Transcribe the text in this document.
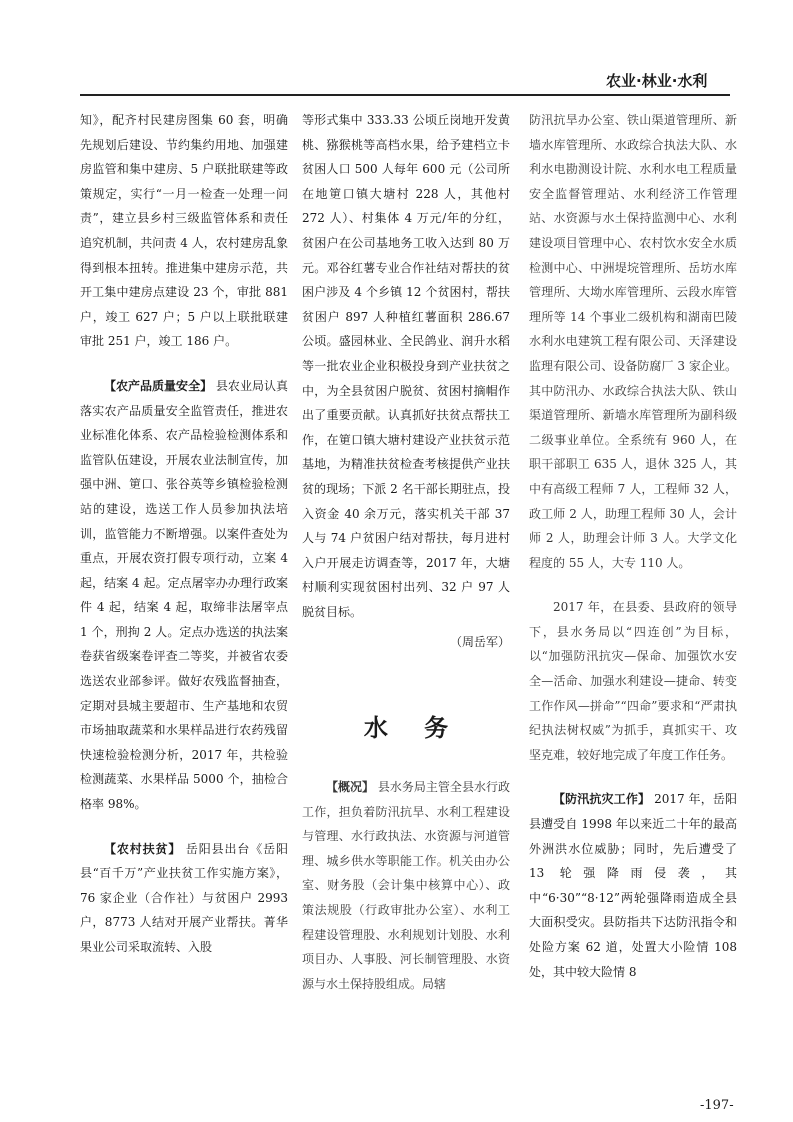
农业·林业·水利

知》，配齐村民建房图集 60 套，明确先规划后建设、节约集约用地、加强建房监管和集中建房、5 户联批联建等政策规定，实行“一月一检查一处理一问责”，建立县乡村三级监管体系和责任追究机制，共问责 4 人，农村建房乱象得到根本扭转。推进集中建房示范，共开工集中建房点建设 23 个，审批 881 户，竣工 627 户；5 户以上联批联建审批 251 户，竣工 186 户。

【农产品质量安全】 县农业局认真落实农产品质量安全监管责任，推进农业标准化体系、农产品检验检测体系和监管队伍建设，开展农业法制宣传，加强中洲、筻口、张谷英等乡镇检验检测站的建设，选送工作人员参加执法培训，监管能力不断增强。以案件查处为重点，开展农资打假专项行动，立案 4 起，结案 4 起。定点屠宰办办理行政案件 4 起，结案 4 起，取缔非法屠宰点 1 个，刑拘 2 人。定点办选送的执法案卷获省级案卷评查二等奖，并被省农委选送农业部参评。做好农残监督抽查，定期对县城主要超市、生产基地和农贸市场抽取蔬菜和水果样品进行农药残留快速检验检测分析，2017 年，共检验检测蔬菜、水果样品 5000 个，抽检合格率 98%。

【农村扶贫】 岳阳县出台《岳阳县“百千万”产业扶贫工作实施方案》，76 家企业（合作社）与贫困户 2993 户，8773 人结对开展产业帮扶。菁华果业公司采取流转、入股

等形式集中 333.33 公顷丘岗地开发黄桃、猕猴桃等高档水果，给予建档立卡贫困人口 500 人每年 600 元（公司所在地筻口镇大塘村 228 人，其他村 272 人）、村集体 4 万元/年的分红，贫困户在公司基地务工收入达到 80 万元。邓谷红薯专业合作社结对帮扶的贫困户涉及 4 个乡镇 12 个贫困村，帮扶贫困户 897 人种植红薯面积 286.67 公顷。盛园林业、全民鸽业、润升水稻等一批农业企业积极投身到产业扶贫之中，为全县贫困户脱贫、贫困村摘帽作出了重要贡献。认真抓好扶贫点帮扶工作，在筻口镇大塘村建设产业扶贫示范基地，为精准扶贫检查考核提供产业扶贫的现场；下派 2 名干部长期驻点，投入资金 40 余万元，落实机关干部 37 人与 74 户贫困户结对帮扶，每月进村入户开展走访调查等，2017 年，大塘村顺利实现贫困村出列、32 户 97 人脱贫目标。

（周岳军）

水 务

【概况】 县水务局主管全县水行政工作，担负着防汛抗旱、水利工程建设与管理、水行政执法、水资源与河道管理、城乡供水等职能工作。机关由办公室、财务股（会计集中核算中心）、政策法规股（行政审批办公室）、水利工程建设管理股、水利规划计划股、水利项目办、人事股、河长制管理股、水资源与水土保持股组成。局辖

防汛抗旱办公室、铁山渠道管理所、新墙水库管理所、水政综合执法大队、水利水电勘测设计院、水利水电工程质量安全监督管理站、水利经济工作管理站、水资源与水土保持监测中心、水利建设项目管理中心、农村饮水安全水质检测中心、中洲堤垸管理所、岳坊水库管理所、大坳水库管理所、云段水库管理所等 14 个事业二级机构和湖南巴陵水利水电建筑工程有限公司、天泽建设监理有限公司、设备防腐厂 3 家企业。其中防汛办、水政综合执法大队、铁山渠道管理所、新墙水库管理所为副科级二级事业单位。全系统有 960 人，在职干部职工 635 人，退休 325 人，其中有高级工程师 7 人，工程师 32 人，政工师 2 人，助理工程师 30 人，会计师 2 人，助理会计师 3 人。大学文化程度的 55 人，大专 110 人。

2017 年，在县委、县政府的领导下，县水务局以“四连创”为目标，以“加强防汛抗灾—保命、加强饮水安全—活命、加强水利建设—捷命、转变工作作风—拼命”“四命”要求和“严肃执纪执法树权威”为抓手，真抓实干、攻坚克难，较好地完成了年度工作任务。

【防汛抗灾工作】 2017 年，岳阳县遭受自 1998 年以来近二十年的最高外洲洪水位威胁；同时，先后遭受了 13 轮强降雨侵袭，其中“6·30”“8·12”两轮强降雨造成全县大面积受灾。县防指共下达防汛指令和处险方案 62 道，处置大小险情 108 处，其中较大险情 8

-197-
